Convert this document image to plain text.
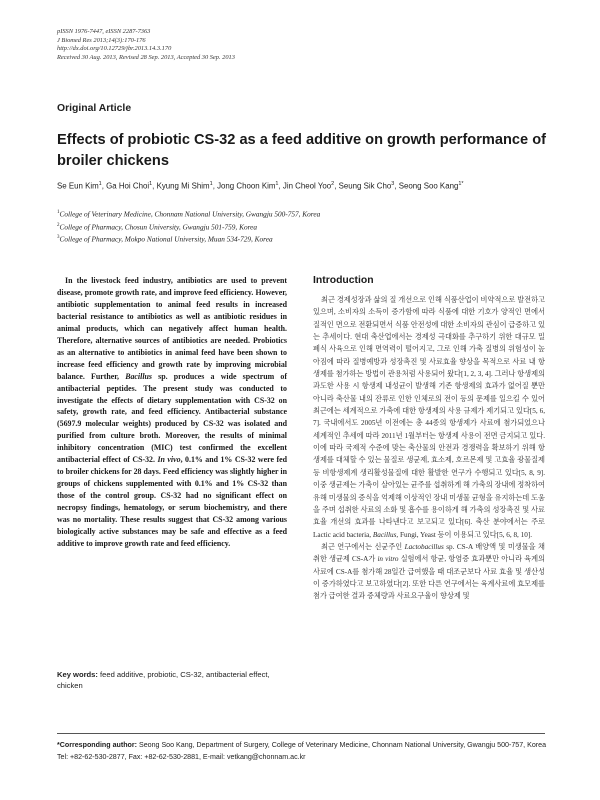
pISSN 1976-7447, eISSN 2287-7363
J Biomed Res 2013;14(3):170-176
http://dx.doi.org/10.12729/jbr.2013.14.3.170
Received 30 Aug. 2013, Revised 28 Sep. 2013, Accepted 30 Sep. 2013
Original Article
Effects of probiotic CS-32 as a feed additive on growth performance of broiler chickens
Se Eun Kim$^1$, Ga Hoi Choi$^1$, Kyung Mi Shim$^1$, Jong Choon Kim$^1$, Jin Cheol Yoo$^2$, Seung Sik Cho$^3$, Seong Soo Kang$^{1*}$
$^1$College of Veterinary Medicine, Chonnam National University, Gwangju 500-757, Korea
$^2$College of Pharmacy, Chosun University, Gwangju 501-759, Korea
$^3$College of Pharmacy, Mokpo National University, Muan 534-729, Korea
In the livestock feed industry, antibiotics are used to prevent disease, promote growth rate, and improve feed efficiency. However, antibiotic supplementation to animal feed results in increased bacterial resistance to antibiotics as well as antibiotic residues in animal products, which can negatively affect human health. Therefore, alternative sources of antibiotics are needed. Probiotics as an alternative to antibiotics in animal feed have been shown to increase feed efficiency and growth rate by improving microbial balance. Further, Bacillus sp. produces a wide spectrum of antibacterial peptides. The present study was conducted to investigate the effects of dietary supplementation with CS-32 on safety, growth rate, and feed efficiency. Antibacterial substance (5697.9 molecular weights) produced by CS-32 was isolated and purified from culture broth. Moreover, the results of minimal inhibitory concentration (MIC) test confirmed the excellent antibacterial effect of CS-32. In vivo, 0.1% and 1% CS-32 were fed to broiler chickens for 28 days. Feed efficiency was slightly higher in groups of chickens supplemented with 0.1% and 1% CS-32 than those of the control group. CS-32 had no significant effect on necropsy findings, hematology, or serum biochemistry, and there was no mortality. These results suggest that CS-32 among various biologically active substances may be safe and effective as a feed additive to improve growth rate and feed efficiency.
Key words: feed additive, probiotic, CS-32, antibacterial effect, chicken
Introduction

최근 경제성장과 삶의 질 개선으로 인해 식품산업이 비약적으로 발전하고 있으며, 소비자의 소득이 증가함에 따라 식품에 대한 기호가 양적인 면에서 질적인 면으로 전환되면서 식품 안전성에 대한 소비자의 관심이 급증하고 있는 추세이다. 현대 축산업에서는 경제성 극대화를 추구하기 위한 대규모 밀폐식 사육으로 인해 면역력이 떨어지고, 그로 인해 가축 질병의 위험성이 높아짐에 따라 질병예방과 성장촉진 및 사료효율 향상을 목적으로 사료 내 항생제를 첨가하는 방법이 관용처럼 사용되어 왔다[1, 2, 3, 4]. 그러나 항생제의 과도한 사용 시 항생제 내성균이 발생해 기존 항생제의 효과가 없어질 뿐만 아니라 축산물 내의 잔류로 인한 인체로의 전이 등의 문제를 일으킬 수 있어 최근에는 세계적으로 가축에 대한 항생제의 사용 규제가 제기되고 있다[5, 6, 7]. 국내에서도 2005년 이전에는 총 44종의 항생제가 사료에 첨가되었으나 세계적인 추세에 따라 2011년 1월부터는 항생제 사용이 전면 금지되고 있다. 이에 따라 국제적 수준에 맞는 축산물의 안전과 경쟁력을 확보하기 위해 항생제를 대체할 수 있는 물질로 생균제, 효소제, 호르몬제 및 고효율 광물질제 등 비항생제계 생리활성물질에 대한 활발한 연구가 수행되고 있다[5, 8, 9]. 이중 생균제는 가축이 살아있는 균주를 섭취하게 해 가축의 장내에 정착하여 유해 미생물의 증식을 억제해 이상적인 장내 미생물 균형을 유지하는데 도움을 주며 섭취한 사료의 소화 및 흡수를 용이하게 해 가축의 성장촉진 및 사료효율 개선의 효과를 나타낸다고 보고되고 있다[6]. 축산 분야에서는 주로 Lactic acid bacteria, Bacillus, Fungi, Yeast 등이 이용되고 있다[5, 6, 8, 10].

최근 연구에서는 신균주인 Lactobacillus sp. CS-A 배양액 및 미생물을 채취한 생균제 CS-A가 in vitro 실험에서 항균, 항염증 효과뿐만 아니라 육계의 사료에 CS-A를 첨가해 28일간 급여했을 때 대조군보다 사료 효율 및 생산성이 증가하였다고 보고하였다[2]. 또한 다른 연구에서는 육계사료에 효모제를 첨가 급여한 결과 증체량과 사료요구율이 향상제 및

*Corresponding author: Seong Soo Kang, Department of Surgery, College of Veterinary Medicine, Chonnam National University, Gwangju 500-757, Korea
Tel: +82-62-530-2877, Fax: +82-62-530-2881, E-mail: vetkang@chonnam.ac.kr
